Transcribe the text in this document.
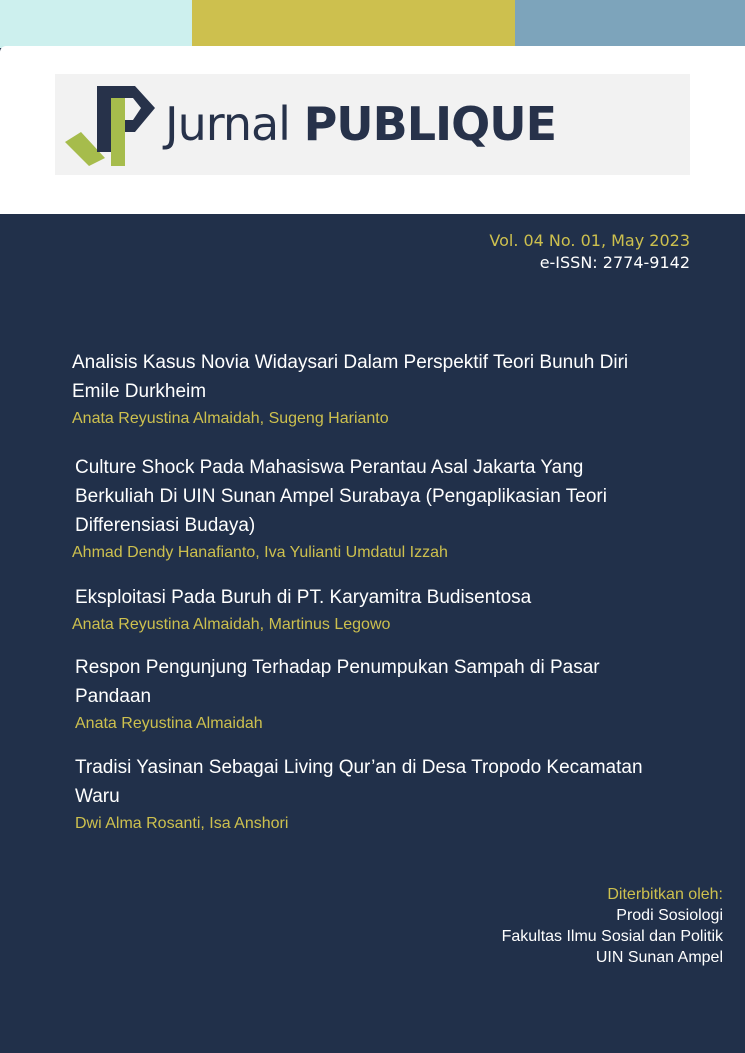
Jurnal PUBLIQUE
Vol. 04 No. 01, May 2023
e-ISSN: 2774-9142

Analisis Kasus Novia Widaysari Dalam Perspektif Teori Bunuh Diri Emile Durkheim

Anata Reyustina Almaidah, Sugeng Harianto

Culture Shock Pada Mahasiswa Perantau Asal Jakarta Yang Berkuliah Di UIN Sunan Ampel Surabaya (Pengaplikasian Teori Differensiasi Budaya)

Ahmad Dendy Hanafianto, Iva Yulianti Umdatul Izzah

Eksploitasi Pada Buruh di PT. Karyamitra Budisentosa

Anata Reyustina Almaidah, Martinus Legowo

Respon Pengunjung Terhadap Penumpukan Sampah di Pasar Pandaan

Anata Reyustina Almaidah

Tradisi Yasinan Sebagai Living Qur’an di Desa Tropodo Kecamatan Waru

Dwi Alma Rosanti, Isa Anshori

Diterbitkan oleh:
Prodi Sosiologi
Fakultas Ilmu Sosial dan Politik
UIN Sunan Ampel
